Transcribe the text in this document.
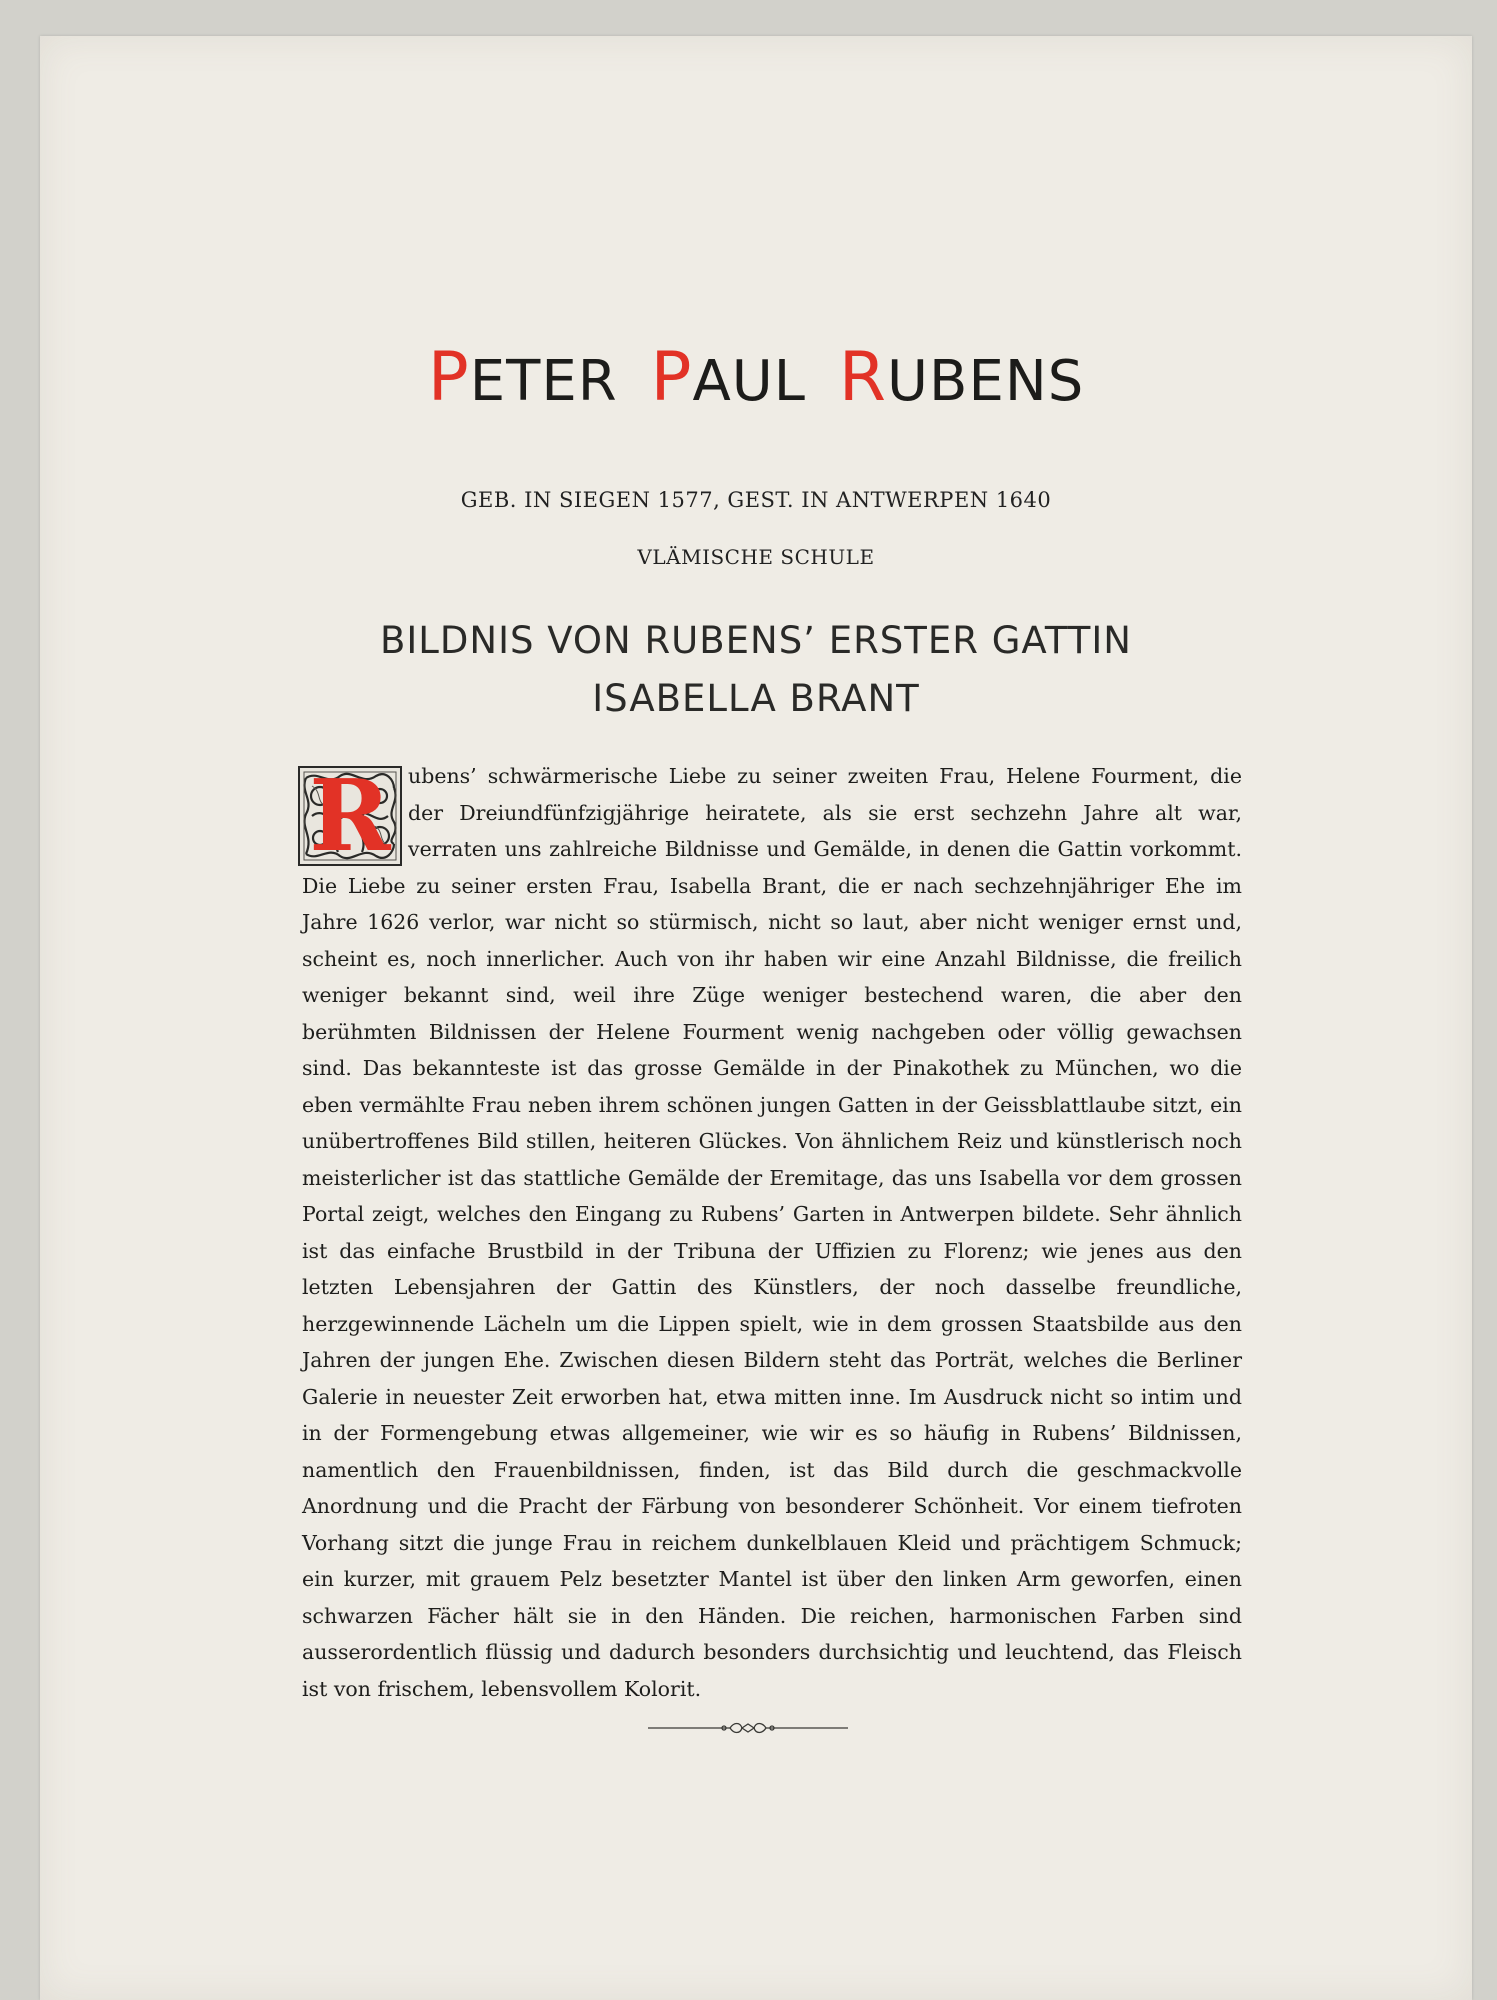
PETER PAUL RUBENS

GEB. IN SIEGEN 1577, GEST. IN ANTWERPEN 1640

VLÄMISCHE SCHULE

BILDNIS VON RUBENS’ ERSTER GATTIN
ISABELLA BRANT
R ubens’ schwärmerische Liebe zu seiner zweiten Frau, Helene Fourment, die der Dreiundfünfzigjährige heiratete, als sie erst sechzehn Jahre alt war, verraten uns zahlreiche Bildnisse und Gemälde, in denen die Gattin vorkommt. Die Liebe zu seiner ersten Frau, Isabella Brant, die er nach sechzehnjähriger Ehe im Jahre 1626 verlor, war nicht so stürmisch, nicht so laut, aber nicht weniger ernst und, scheint es, noch innerlicher. Auch von ihr haben wir eine Anzahl Bildnisse, die freilich weniger bekannt sind, weil ihre Züge weniger bestechend waren, die aber den berühmten Bildnissen der Helene Fourment wenig nachgeben oder völlig gewachsen sind. Das bekannteste ist das grosse Gemälde in der Pinakothek zu München, wo die eben vermählte Frau neben ihrem schönen jungen Gatten in der Geissblattlaube sitzt, ein unübertroffenes Bild stillen, heiteren Glückes. Von ähnlichem Reiz und künstlerisch noch meisterlicher ist das stattliche Gemälde der Eremitage, das uns Isabella vor dem grossen Portal zeigt, welches den Eingang zu Rubens’ Garten in Antwerpen bildete. Sehr ähnlich ist das einfache Brustbild in der Tribuna der Uffizien zu Florenz; wie jenes aus den letzten Lebensjahren der Gattin des Künstlers, der noch dasselbe freundliche, herzgewinnende Lächeln um die Lippen spielt, wie in dem grossen Staatsbilde aus den Jahren der jungen Ehe. Zwischen diesen Bildern steht das Porträt, welches die Berliner Galerie in neuester Zeit erworben hat, etwa mitten inne. Im Ausdruck nicht so intim und in der Formengebung etwas allgemeiner, wie wir es so häufig in Rubens’ Bildnissen, namentlich den Frauenbildnissen, finden, ist das Bild durch die geschmackvolle Anordnung und die Pracht der Färbung von besonderer Schönheit. Vor einem tiefroten Vorhang sitzt die junge Frau in reichem dunkelblauen Kleid und prächtigem Schmuck; ein kurzer, mit grauem Pelz besetzter Mantel ist über den linken Arm geworfen, einen schwarzen Fächer hält sie in den Händen. Die reichen, harmonischen Farben sind ausserordentlich flüssig und dadurch besonders durchsichtig und leuchtend, das Fleisch ist von frischem, lebensvollem Kolorit.
